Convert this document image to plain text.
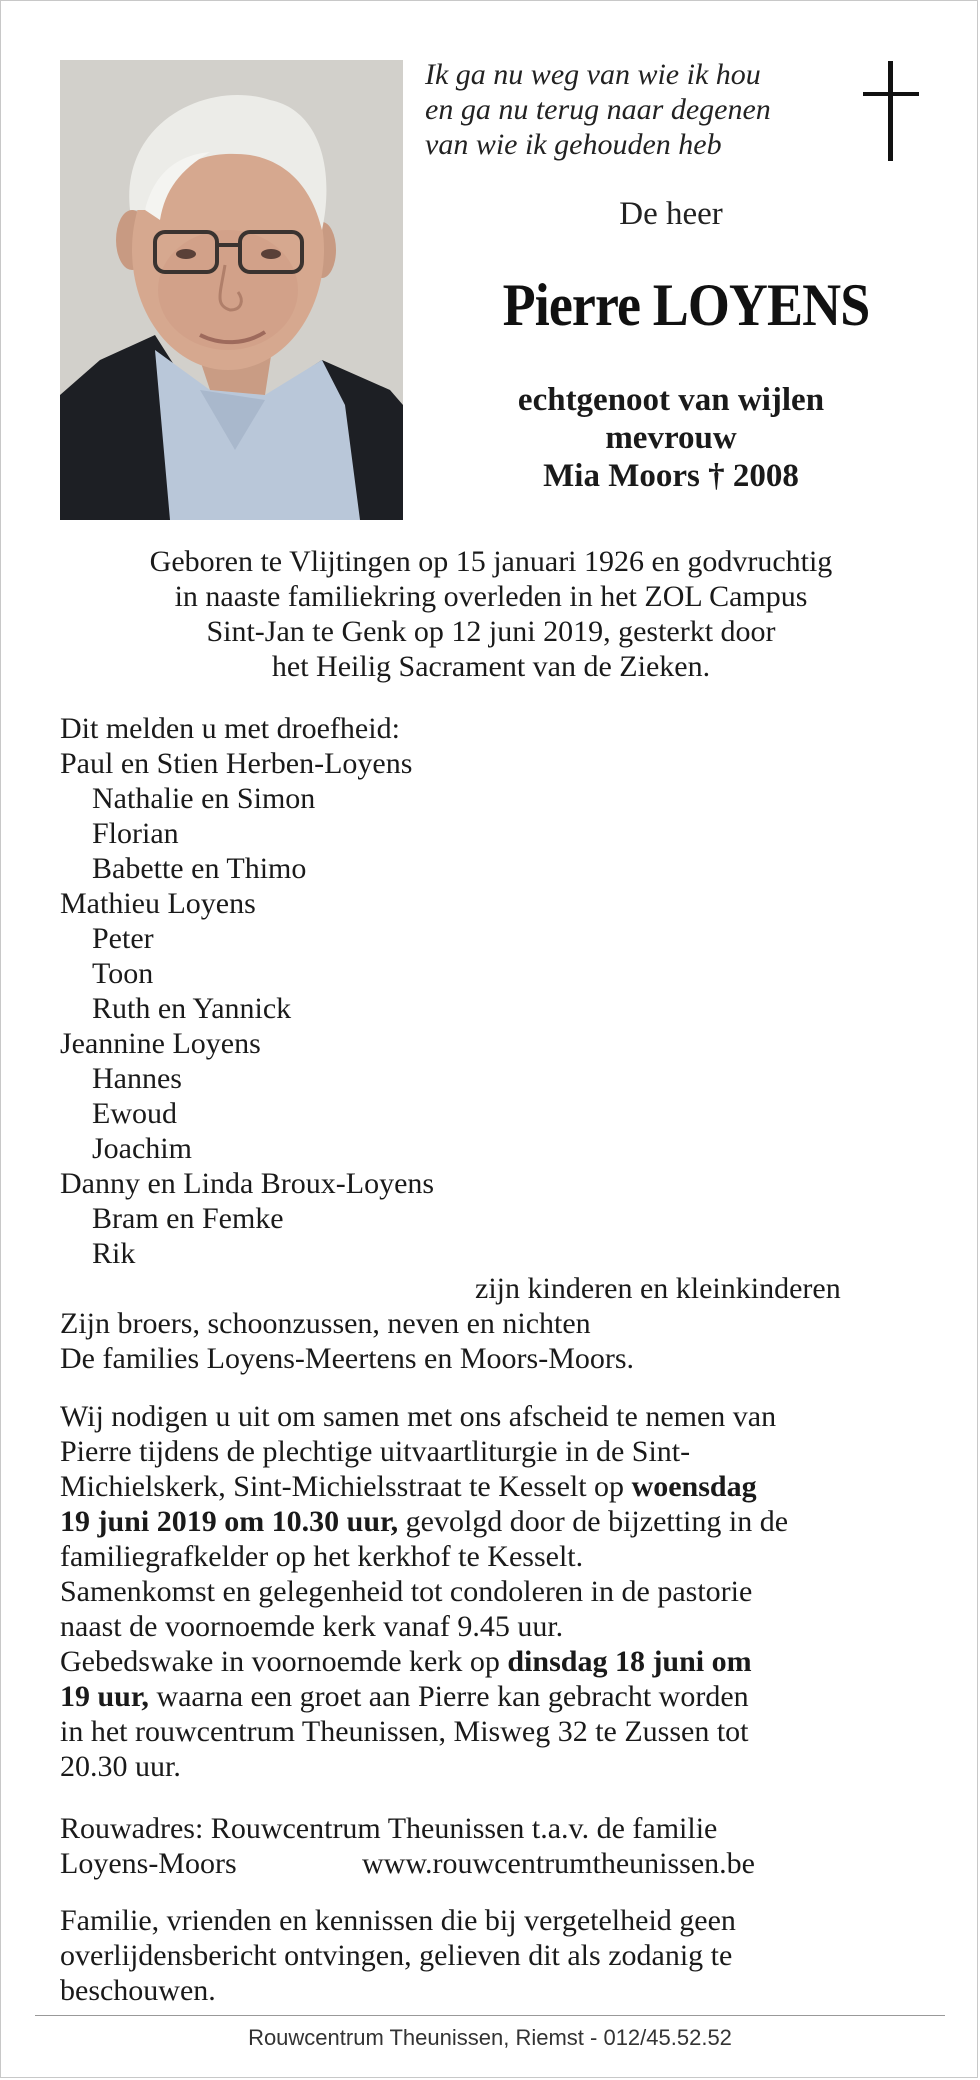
Ik ga nu weg van wie ik hou
en ga nu terug naar degenen
van wie ik gehouden heb
De heer
Pierre LOYENS
echtgenoot van wijlen
mevrouw
Mia Moors † 2008
Geboren te Vlijtingen op 15 januari 1926 en godvruchtig
in naaste familiekring overleden in het ZOL Campus
Sint-Jan te Genk op 12 juni 2019, gesterkt door
het Heilig Sacrament van de Zieken.
Dit melden u met droefheid:
Paul en Stien Herben-Loyens
Nathalie en Simon
Florian
Babette en Thimo
Mathieu Loyens
Peter
Toon
Ruth en Yannick
Jeannine Loyens
Hannes
Ewoud
Joachim
Danny en Linda Broux-Loyens
Bram en Femke
Rik
zijn kinderen en kleinkinderen
Zijn broers, schoonzussen, neven en nichten
De families Loyens-Meertens en Moors-Moors.
Wij nodigen u uit om samen met ons afscheid te nemen van
Pierre tijdens de plechtige uitvaartliturgie in de Sint-
Michielskerk, Sint-Michielsstraat te Kesselt op woensdag
19 juni 2019 om 10.30 uur, gevolgd door de bijzetting in de
familiegrafkelder op het kerkhof te Kesselt.
Samenkomst en gelegenheid tot condoleren in de pastorie
naast de voornoemde kerk vanaf 9.45 uur.
Gebedswake in voornoemde kerk op dinsdag 18 juni om
19 uur, waarna een groet aan Pierre kan gebracht worden
in het rouwcentrum Theunissen, Misweg 32 te Zussen tot
20.30 uur.
Rouwadres: Rouwcentrum Theunissen t.a.v. de familie
Loyens-Moors	www.rouwcentrumtheunissen.be
Familie, vrienden en kennissen die bij vergetelheid geen
overlijdensbericht ontvingen, gelieven dit als zodanig te
beschouwen.
Rouwcentrum Theunissen, Riemst - 012/45.52.52
